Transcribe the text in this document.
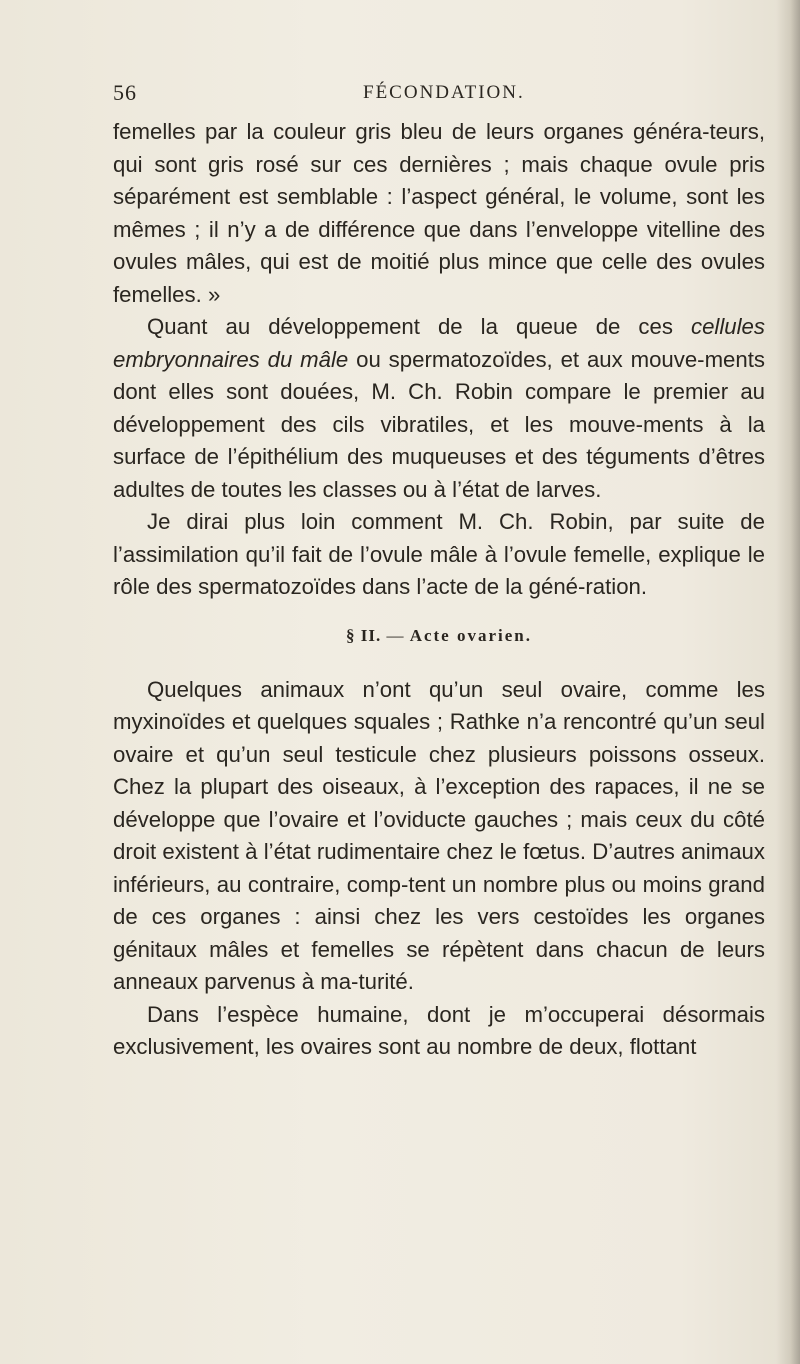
56	FÉCONDATION.

femelles par la couleur gris bleu de leurs organes généra-teurs, qui sont gris rosé sur ces dernières ; mais chaque ovule pris séparément est semblable : l’aspect général, le volume, sont les mêmes ; il n’y a de différence que dans l’enveloppe vitelline des ovules mâles, qui est de moitié plus mince que celle des ovules femelles. »

Quant au développement de la queue de ces cellules embryonnaires du mâle ou spermatozoïdes, et aux mouve-ments dont elles sont douées, M. Ch. Robin compare le premier au développement des cils vibratiles, et les mouve-ments à la surface de l’épithélium des muqueuses et des téguments d’êtres adultes de toutes les classes ou à l’état de larves.

Je dirai plus loin comment M. Ch. Robin, par suite de l’assimilation qu’il fait de l’ovule mâle à l’ovule femelle, explique le rôle des spermatozoïdes dans l’acte de la géné-ration.

§ II. — Acte ovarien.

Quelques animaux n’ont qu’un seul ovaire, comme les myxinoïdes et quelques squales ; Rathke n’a rencontré qu’un seul ovaire et qu’un seul testicule chez plusieurs poissons osseux. Chez la plupart des oiseaux, à l’exception des rapaces, il ne se développe que l’ovaire et l’oviducte gauches ; mais ceux du côté droit existent à l’état rudimentaire chez le fœtus. D’autres animaux inférieurs, au contraire, comp-tent un nombre plus ou moins grand de ces organes : ainsi chez les vers cestoïdes les organes génitaux mâles et femelles se répètent dans chacun de leurs anneaux parvenus à ma-turité.

Dans l’espèce humaine, dont je m’occuperai désormais exclusivement, les ovaires sont au nombre de deux, flottant
